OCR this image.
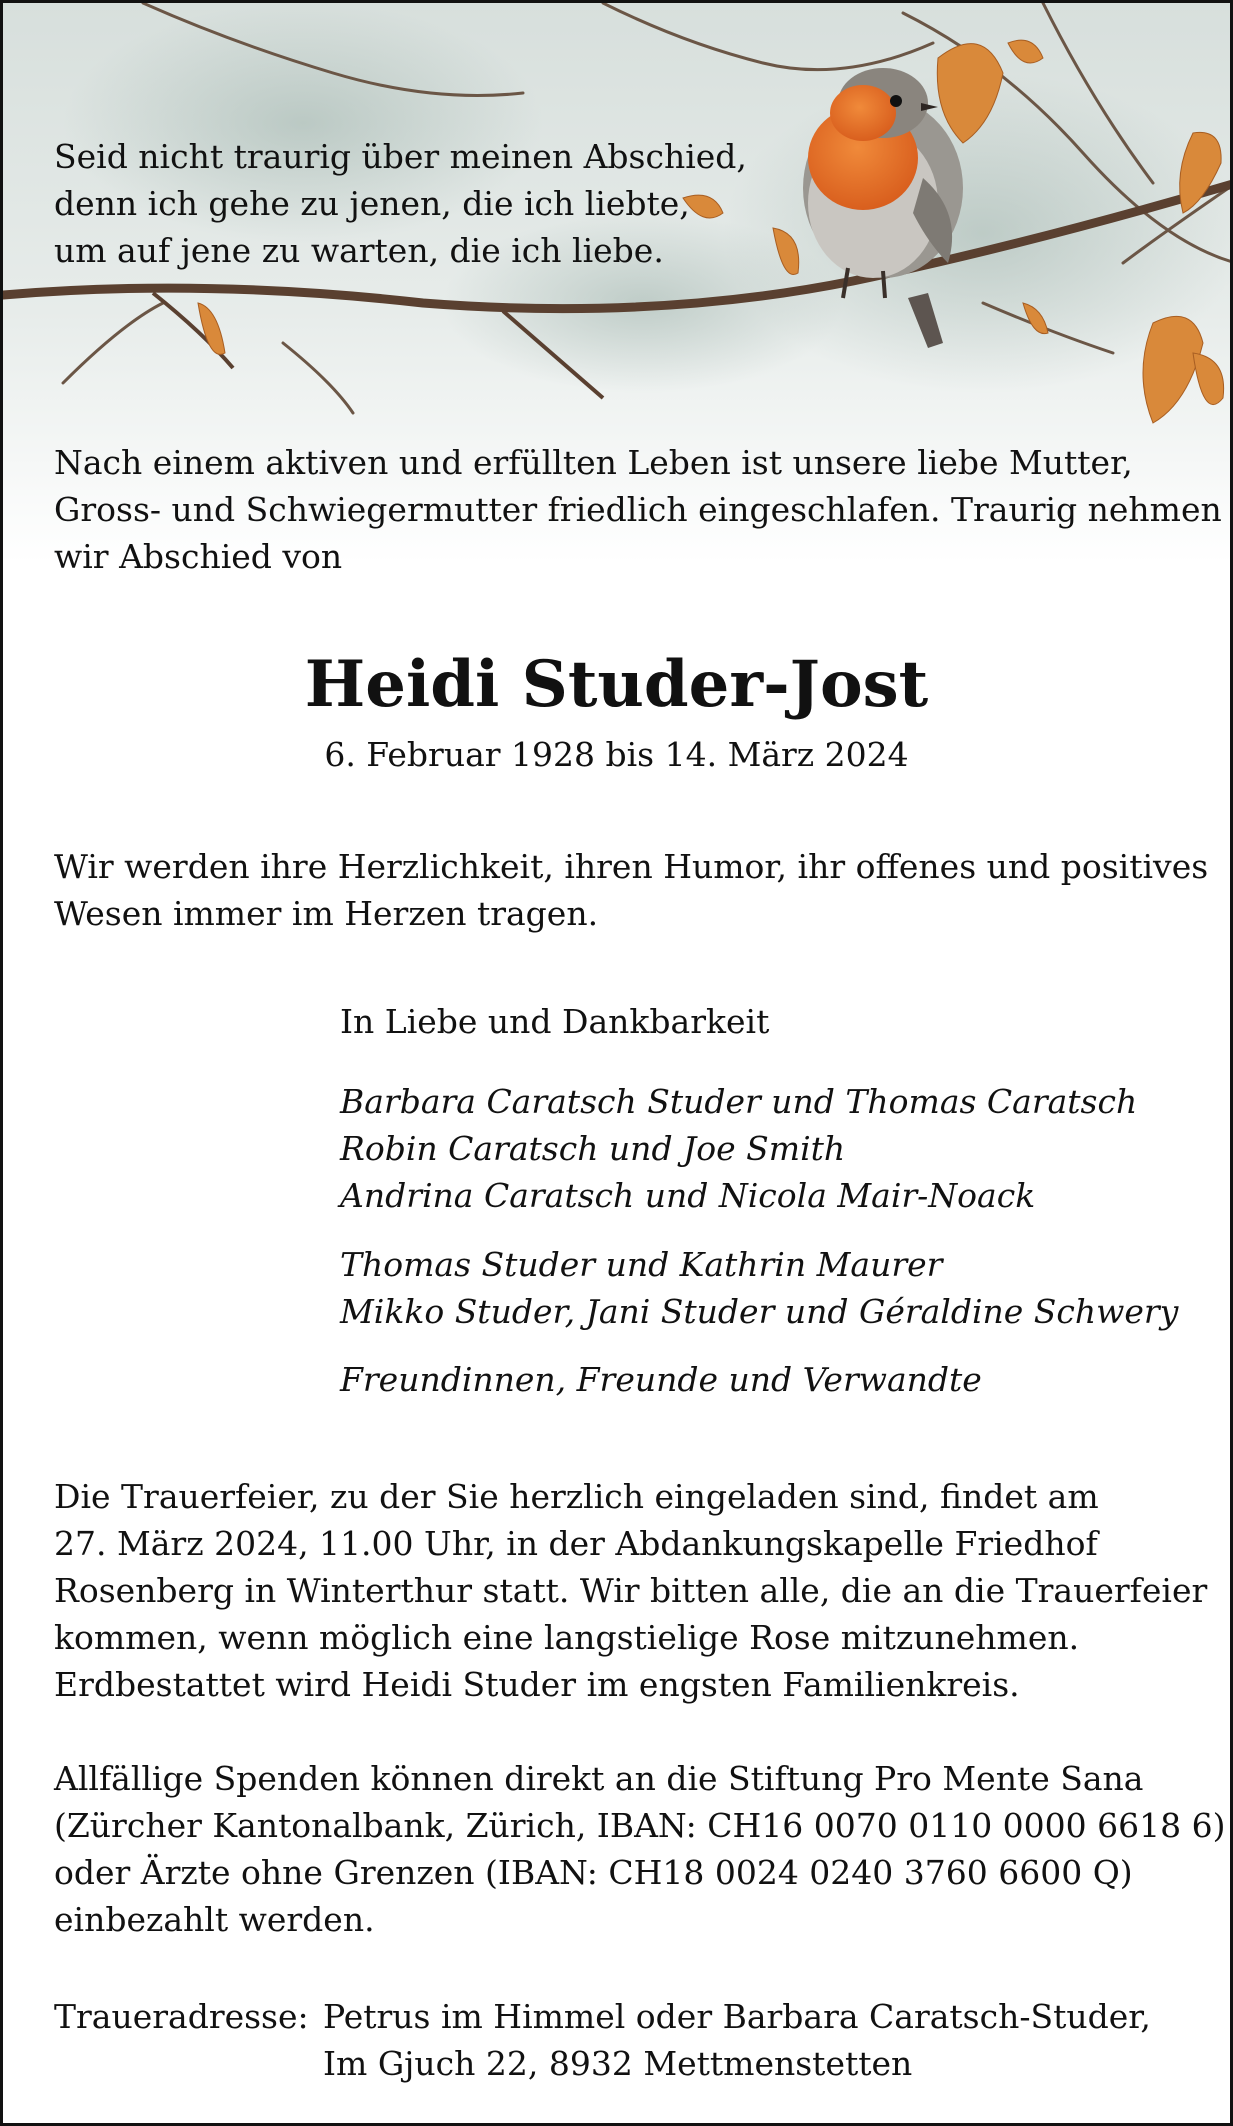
Seid nicht traurig über meinen Abschied,
denn ich gehe zu jenen, die ich liebte,
um auf jene zu warten, die ich liebe.

Nach einem aktiven und erfüllten Leben ist unsere liebe Mutter,
Gross- und Schwiegermutter friedlich eingeschlafen. Traurig nehmen
wir Abschied von

Heidi Studer-Jost

6. Februar 1928 bis 14. März 2024

Wir werden ihre Herzlichkeit, ihren Humor, ihr offenes und positives
Wesen immer im Herzen tragen.

In Liebe und Dankbarkeit

Barbara Caratsch Studer und Thomas Caratsch
Robin Caratsch und Joe Smith
Andrina Caratsch und Nicola Mair-Noack
Thomas Studer und Kathrin Maurer
Mikko Studer, Jani Studer und Géraldine Schwery
Freundinnen, Freunde und Verwandte

Die Trauerfeier, zu der Sie herzlich eingeladen sind, findet am
27. März 2024, 11.00 Uhr, in der Abdankungskapelle Friedhof
Rosenberg in Winterthur statt. Wir bitten alle, die an die Trauerfeier
kommen, wenn möglich eine langstielige Rose mitzunehmen.
Erdbestattet wird Heidi Studer im engsten Familienkreis.

Allfällige Spenden können direkt an die Stiftung Pro Mente Sana
(Zürcher Kantonalbank, Zürich, IBAN: CH16 0070 0110 0000 6618 6)
oder Ärzte ohne Grenzen (IBAN: CH18 0024 0240 3760 6600 Q)
einbezahlt werden.

Traueradresse: Petrus im Himmel oder Barbara Caratsch-Studer,
Im Gjuch 22, 8932 Mettmenstetten
